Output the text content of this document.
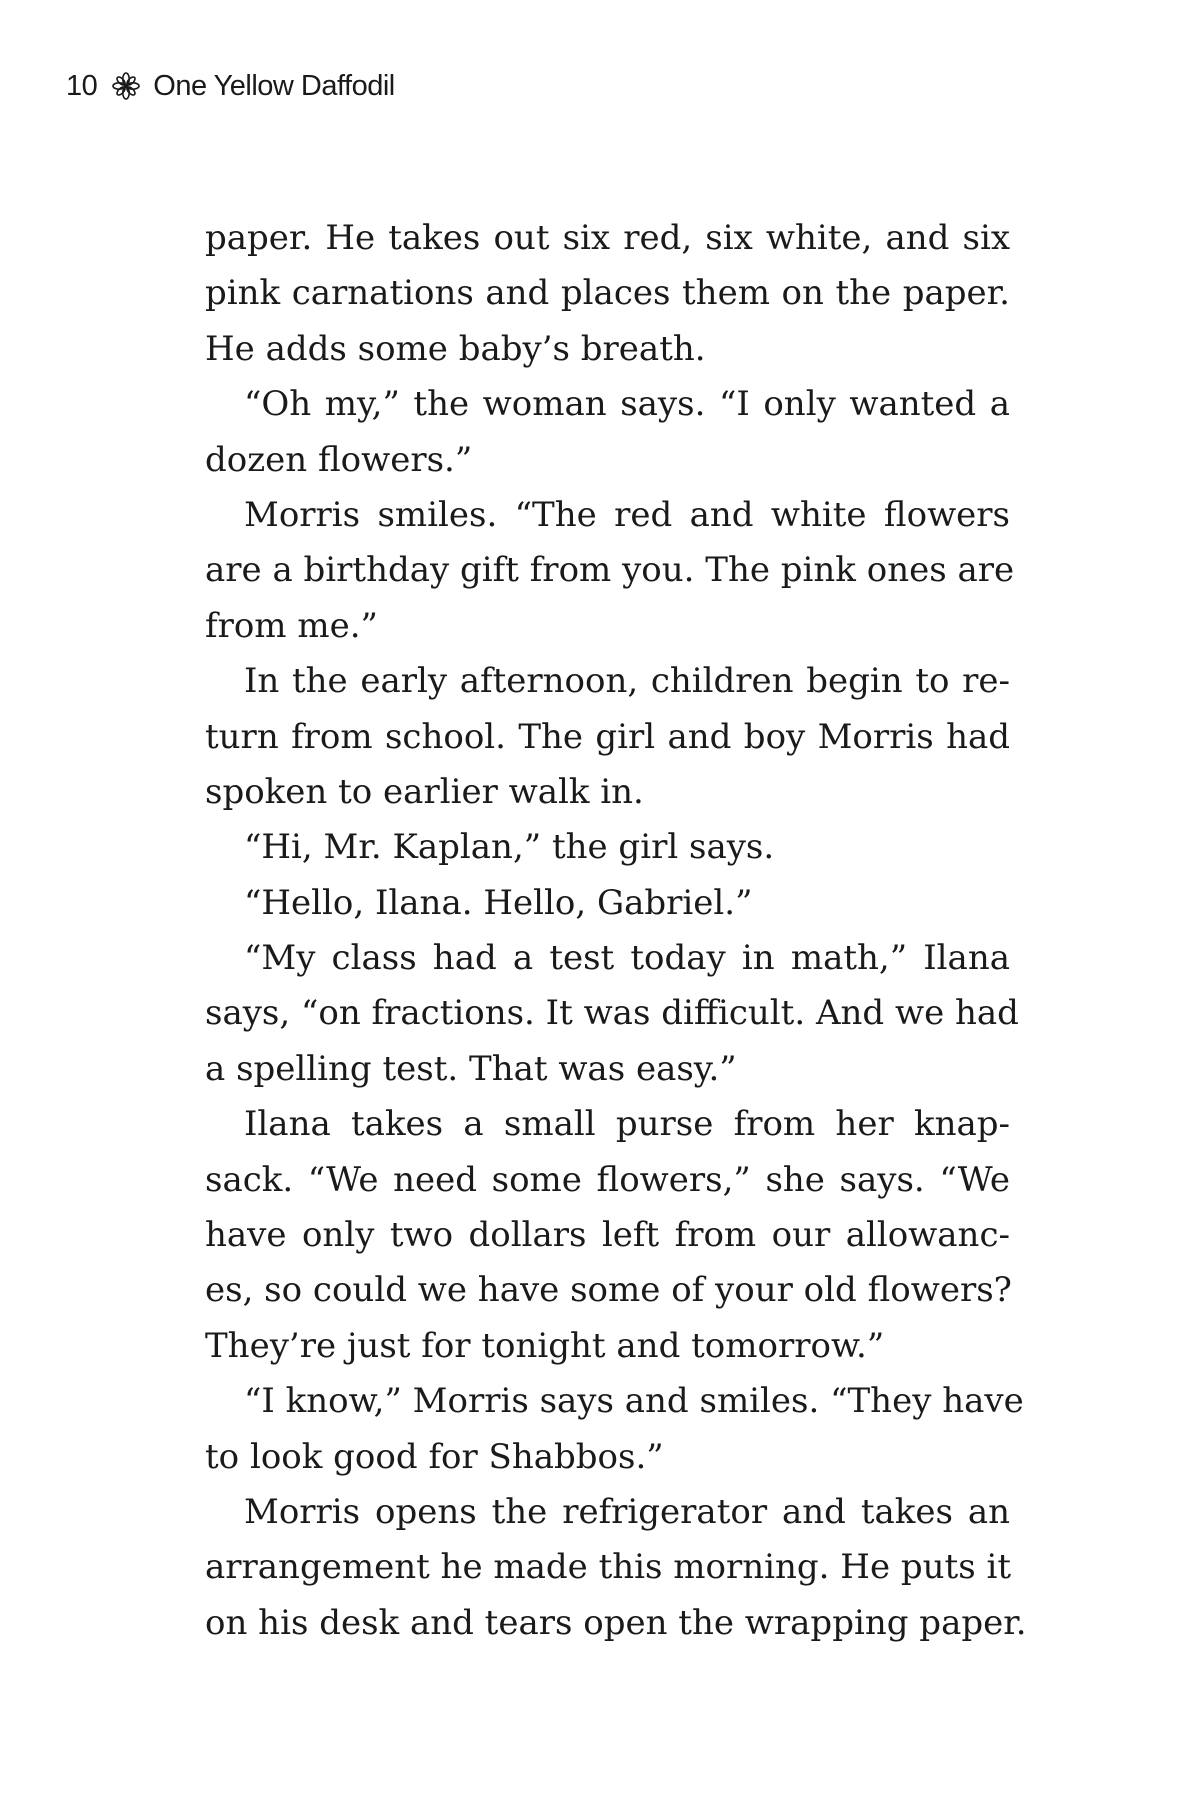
10 One Yellow Daffodil
paper. He takes out six red, six white, and six
pink carnations and places them on the paper.
He adds some baby’s breath.
“Oh my,” the woman says. “I only wanted a
dozen flowers.”
Morris smiles. “The red and white flowers
are a birthday gift from you. The pink ones are
from me.”
In the early afternoon, children begin to re-
turn from school. The girl and boy Morris had
spoken to earlier walk in.
“Hi, Mr. Kaplan,” the girl says.
“Hello, Ilana. Hello, Gabriel.”
“My class had a test today in math,” Ilana
says, “on fractions. It was difficult. And we had
a spelling test. That was easy.”
Ilana takes a small purse from her knap-
sack. “We need some flowers,” she says. “We
have only two dollars left from our allowanc-
es, so could we have some of your old flowers?
They’re just for tonight and tomorrow.”
“I know,” Morris says and smiles. “They have
to look good for Shabbos.”
Morris opens the refrigerator and takes an
arrangement he made this morning. He puts it
on his desk and tears open the wrapping paper.
